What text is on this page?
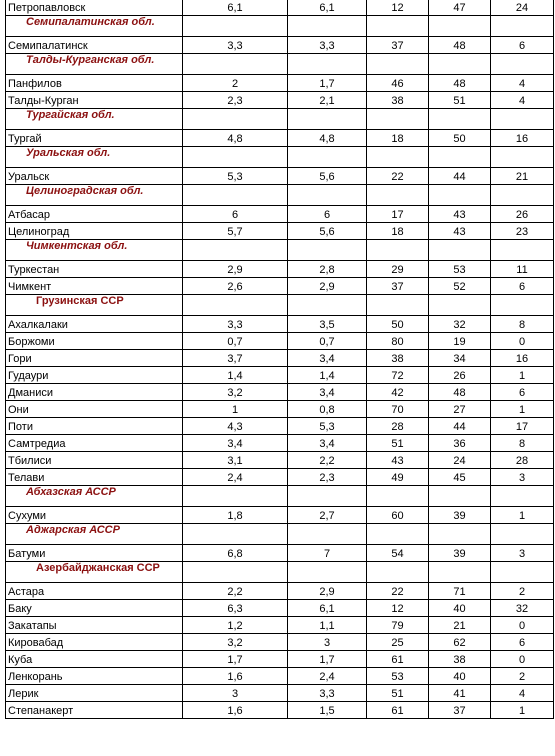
Петропавловск	6,1	6,1	12	47	24
Семипалатинская обл.					
Семипалатинск	3,3	3,3	37	48	6
Талды-Курганская обл.					
Панфилов	2	1,7	46	48	4
Талды-Курган	2,3	2,1	38	51	4
Тургайская обл.					
Тургай	4,8	4,8	18	50	16
Уральская обл.					
Уральск	5,3	5,6	22	44	21
Целиноградская обл.					
Атбасар	6	6	17	43	26
Целиноград	5,7	5,6	18	43	23
Чимкентская обл.					
Туркестан	2,9	2,8	29	53	11
Чимкент	2,6	2,9	37	52	6
Грузинская ССР					
Ахалкалаки	3,3	3,5	50	32	8
Боржоми	0,7	0,7	80	19	0
Гори	3,7	3,4	38	34	16
Гудаури	1,4	1,4	72	26	1
Дманиси	3,2	3,4	42	48	6
Они	1	0,8	70	27	1
Поти	4,3	5,3	28	44	17
Самтредиа	3,4	3,4	51	36	8
Тбилиси	3,1	2,2	43	24	28
Телави	2,4	2,3	49	45	3
Абхазская АССР					
Сухуми	1,8	2,7	60	39	1
Аджарская АССР					
Батуми	6,8	7	54	39	3
Азербайджанская ССР					
Астара	2,2	2,9	22	71	2
Баку	6,3	6,1	12	40	32
Закатапы	1,2	1,1	79	21	0
Кировабад	3,2	3	25	62	6
Куба	1,7	1,7	61	38	0
Ленкорань	1,6	2,4	53	40	2
Лерик	3	3,3	51	41	4
Степанакерт	1,6	1,5	61	37	1
